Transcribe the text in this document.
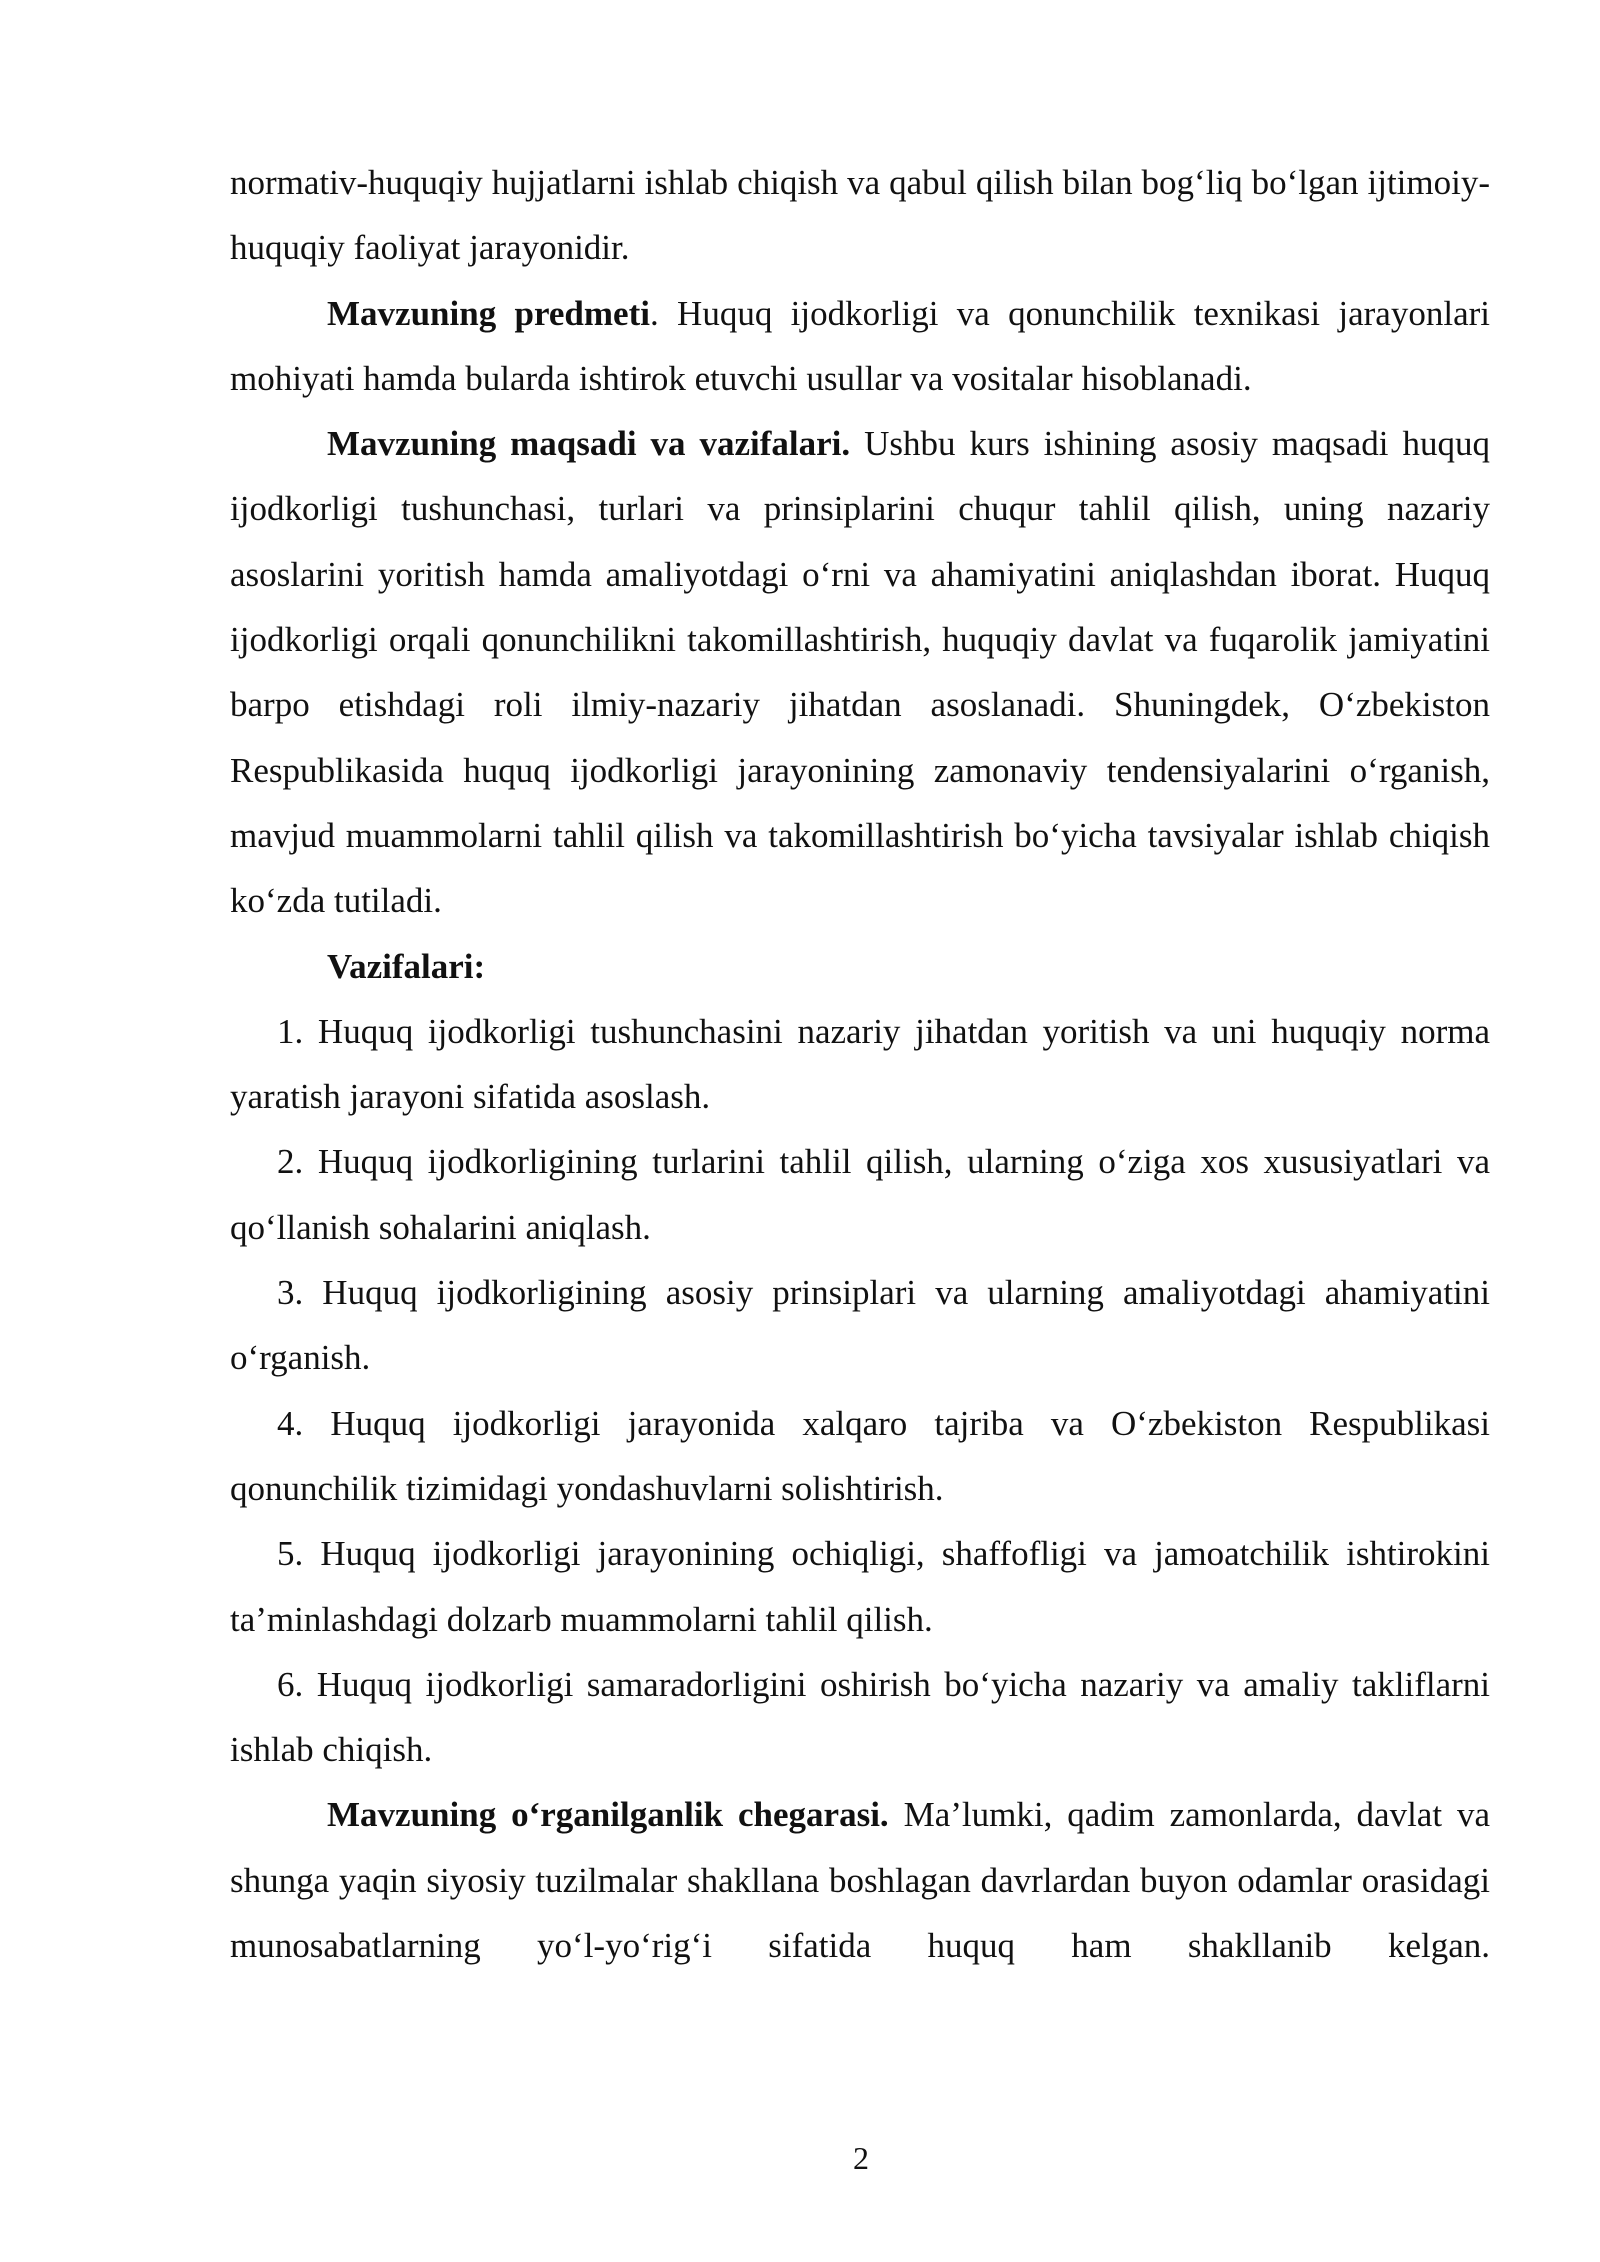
normativ-huquqiy hujjatlarni ishlab chiqish va qabul qilish bilan bog‘liq bo‘lgan ijtimoiy-huquqiy faoliyat jarayonidir.

Mavzuning predmeti. Huquq ijodkorligi va qonunchilik texnikasi jarayonlari mohiyati hamda bularda ishtirok etuvchi usullar va vositalar hisoblanadi.

Mavzuning maqsadi va vazifalari. Ushbu kurs ishining asosiy maqsadi huquq ijodkorligi tushunchasi, turlari va prinsiplarini chuqur tahlil qilish, uning nazariy asoslarini yoritish hamda amaliyotdagi o‘rni va ahamiyatini aniqlashdan iborat. Huquq ijodkorligi orqali qonunchilikni takomillashtirish, huquqiy davlat va fuqarolik jamiyatini barpo etishdagi roli ilmiy-nazariy jihatdan asoslanadi. Shuningdek, O‘zbekiston Respublikasida huquq ijodkorligi jarayonining zamonaviy tendensiyalarini o‘rganish, mavjud muammolarni tahlil qilish va takomillashtirish bo‘yicha tavsiyalar ishlab chiqish ko‘zda tutiladi.

Vazifalari:

1. Huquq ijodkorligi tushunchasini nazariy jihatdan yoritish va uni huquqiy norma yaratish jarayoni sifatida asoslash.

2. Huquq ijodkorligining turlarini tahlil qilish, ularning o‘ziga xos xususiyatlari va qo‘llanish sohalarini aniqlash.

3. Huquq ijodkorligining asosiy prinsiplari va ularning amaliyotdagi ahamiyatini o‘rganish.

4. Huquq ijodkorligi jarayonida xalqaro tajriba va O‘zbekiston Respublikasi qonunchilik tizimidagi yondashuvlarni solishtirish.

5. Huquq ijodkorligi jarayonining ochiqligi, shaffofligi va jamoatchilik ishtirokini ta’minlashdagi dolzarb muammolarni tahlil qilish.

6. Huquq ijodkorligi samaradorligini oshirish bo‘yicha nazariy va amaliy takliflarni ishlab chiqish.

Mavzuning o‘rganilganlik chegarasi. Ma’lumki, qadim zamonlarda, davlat va shunga yaqin siyosiy tuzilmalar shakllana boshlagan davrlardan buyon odamlar orasidagi munosabatlarning yo‘l-yo‘rig‘i sifatida huquq ham shakllanib kelgan.

2
